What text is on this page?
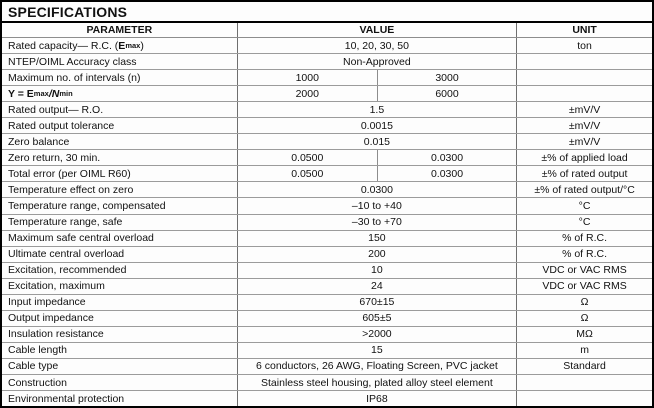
SPECIFICATIONS
PARAMETER	VALUE	UNIT
Rated capacity— R.C. ( E max )	10, 20, 30, 50	ton
NTEP/OIML Accuracy class	Non-Approved
Maximum no. of intervals (n)	1000	3000
Y = E max / N min	2000	6000
Rated output— R.O.	1.5	±mV/V
Rated output tolerance	0.0015	±mV/V
Zero balance	0.015	±mV/V
Zero return, 30 min.	0.0500	0.0300	±% of applied load
Total error (per OIML R60)	0.0500	0.0300	±% of rated output
Temperature effect on zero	0.0300	±% of rated output/°C
Temperature range, compensated	–10 to +40	°C
Temperature range, safe	–30 to +70	°C
Maximum safe central overload	150	% of R.C.
Ultimate central overload	200	% of R.C.
Excitation, recommended	10	VDC or VAC RMS
Excitation, maximum	24	VDC or VAC RMS
Input impedance	670±15	Ω
Output impedance	605±5	Ω
Insulation resistance	>2000	MΩ
Cable length	15	m
Cable type	6 conductors, 26 AWG, Floating Screen, PVC jacket	Standard
Construction	Stainless steel housing, plated alloy steel element
Environmental protection	IP68
